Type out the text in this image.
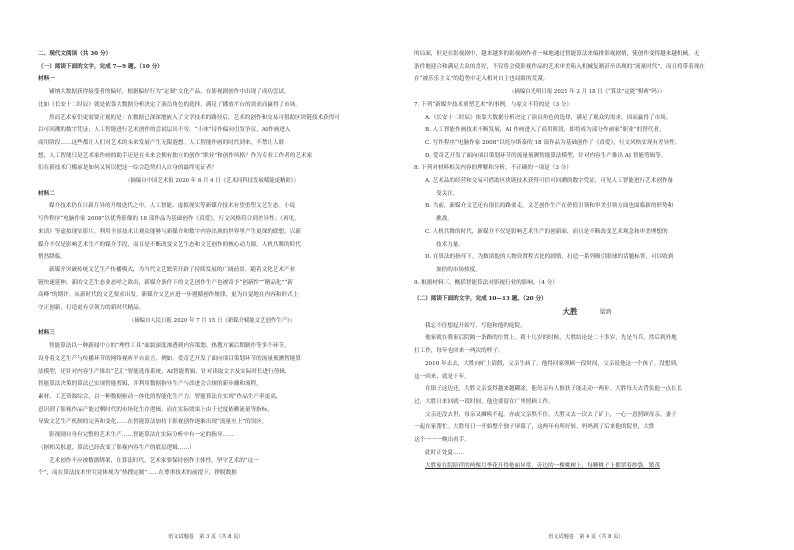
二、现代文阅读（共 30 分）
（一）阅读下面的文字，完成 7—9 题。（10 分）
材料一
铺纳大数据获得接受者的偏好，根据偏好行为“定制”文化产品，在影视剧创作中出现了成功尝试。
比如《长安十二时辰》就是依靠大数据分析决定了演员角色的选择，满足了播放平台的需求而赢得了市场。
然而艺术家们更需要正视的是：在数据已深深地嵌入了文学技术的路径后，艺术的创作和交易可借助区块链技术获得可
以可回溯的数字凭证；人工智能进行艺术创作的尝试层出不穷，“小冰”诗作偏向引发争议，AI作画进入
商用阶段……这些都让人们对艺术的未来发展产生无限遐想。人工智能作画的时代到来，不禁让人联
想，人工智能只是艺术家作画的助手还是在未来会拥有独立的创作“职业”和创作风格？作为专业工作者的艺术家
们在新技术门槛前是如何又何以把这一综合趋势归入自身的最终见证者？
（摘编自中国艺术报 2020 年 8 月 4 日《艺术同科技发展赋能更精彩》）
材料二
媒介技术仍在日新月异的升级迭代之中，人工智能、虚拟现实等新媒介技术有望重塑文艺生态。小说
写作程序“电脑作家 2008”以优秀影像的 18 部作品为基础创作《真爱》，行文风格符合到差异性；《再见，
来请》等虚拟现实影片，利用全景技术让观众能够与新媒介和数字内容出现的世界里产生更深的联想，以新
媒介不仅是影响艺术生产的媒介手段，而且是不断改变文艺生态和文艺创作的核心动力源，人机共舞的时代
悄然降临。
新媒介突破传统文艺生产传播模式，为当代文艺繁荣开辟了持续发展的广阔前景。随着文化艺术产业
链快速延伸，新的文艺生态业态呼之欲出，新媒介条件下的文艺创作生产也被寄予“创新性”“精品化”“新
高峰”的期许。从新时代的文艺要求出发，新媒介文艺应进一步遵循创作规律，更为自觉地在内容和形式上
守正创新，打造更有引领力的新时代精品。
（摘编自人民日报 2020 年 7 月 15 日《新媒介赋能文艺创作生产》）
材料三
智能算法以一种新闻中立的“理性工具”面貌深度渗透到内容策划、热搜方案后期制作等多个环节，
设身着文艺生产与传播环节的网络视听平台而言，例如，爱奇艺开发了面向项目策划环节的流量预测智能算
法模型，还针对内容生产推出“艺汇”智能选角系统，AI智能剪辑，针对读取文字及实际时长进行剪辑，
智能算法决策的算法已实现智能剪辑，并利用数据指导生产与改进会合规的新步骤和流程，
素材、工艺资源综合，以一种数据驱动一体化的智能化生产力。智能算法在实现“作品生产率更高，
意识到了影视作品产能过剩时代的市场化生存逻辑，而在实际效果上由于过度依赖流量等指标，
导致文艺生产机制的完善和变化……在智能算法加持下影视创作逐渐出现“流量至上”的误区。
影视剧自身有完整的艺术生产……智能算法在实际分析中有一定的指导……
（据相关报道，算法已经改变了影视内容生产的底层逻辑……）
艺术创作不应被数据绑架，在算法时代，艺术家要保持创作主体性，坚守艺术的“这一
个”，而在算法技术里究竟体现为“热搜定制”……在尊重技术的前提下，挣脱数据
的局面，但是在影视剧中，越来越多的影视剧作者一味地通过智能算法来编排影视剧情，使创作变得越来越机械，无
条件地迎合和满足大众的喜好，不仅将会使影视作品的艺术审美陷入机械复制甚至出现的“流量时代”，而且将带着现在
在“被乐乐主义”的趋势中走入相对自主也局限的荒漠。
（摘编自光明日报 2021 年 2 月 18 日《“算法”定能“棋赛”吗》）
7. 下列“新媒介技术重塑艺术”的事例，与原文不符的是（3 分）
A.《长安十二时辰》依靠大数据分析决定了演员角色的选择，满足了观众的需求，因而赢得了市场。
B. 人工智能作画技术不断发展，AI 作画进入了商用阶段，即将成为部分作画家“职业”的替代者。
C. 写作程序“电脑作家 2008”以托尔斯泰的 18 部作品为基础创作了《真爱》，行文风格实现有差异性。
D. 爱奇艺开发了面向项目策划环节的流量预测智能算法模型，针对内容生产推出 AI 智能剪辑等。
8. 下列对材料相关内容的理解和分析，不正确的一项是（3 分）
A. 艺术品的经营和交易可借助区块链技术获得可信可回溯的数字凭证，可见人工智能进行艺术创作备
受关注。
B. 当前，新媒介文艺还有很长的路要走，文艺创作生产在价值引领和审美引领方面也面临新的形势和
挑战。
C. 人机共舞的时代，新媒介不仅是影响艺术生产的创新面，而且是不断改变艺术观念和审美理想的
技术力量。
D. 在算法的指导下，为数诸他的人物设置程式化的剧情，打造一系列吸引眼球的话题标签，可以收到
加倍的市场热度。
9. 根据材料三，概括智能算法对影视行业的影响。（4 分）
（二）阅读下面的文字，完成 10—13 题。（20 分）
大胜	梁鸿
我忘不住想起开始写。写他和他的庭院。
他家就在我家后院隔一条路的位置上。我十几岁的时候，大胜结论是二十多岁，先是当兵，然后到外地
打工作，每年也回来一两次的样子。
2010 年去去，大胜向旷上请假，父亲生病了，他得回家照顾一段时间，父亲说他这一个孩子。没想到，
这一回来，就是十年。
在镇子这边还，大胜父亲变得越来越糊涂，他母亲有人推扶子能走动一两步。大胜每天去背负他一点长长
过，大胜日来回就一段时间，他也要留在广里照顾工作。
父亲还没去世，母亲又瘫痪不起。亦或父亲熬不住，大胜又去一次去了矿上，一心一意照顾母亲，妻子
一起在家帮忙。大胜每日一开始整个独子屏幕了，这两年有所好转，妈妈到了后来他的院里，大胜
这个一一一晚出看手。
此时正处夏……
大胜家在院陪伴的两棵月季花开得艳丽异常，旁边的一棵桃树上，每颗桃子上都罩着纱袋，繁茂
语文试题卷　第 3 页（共 8 页）	语文试题卷　第 4 页（共 8 页）
